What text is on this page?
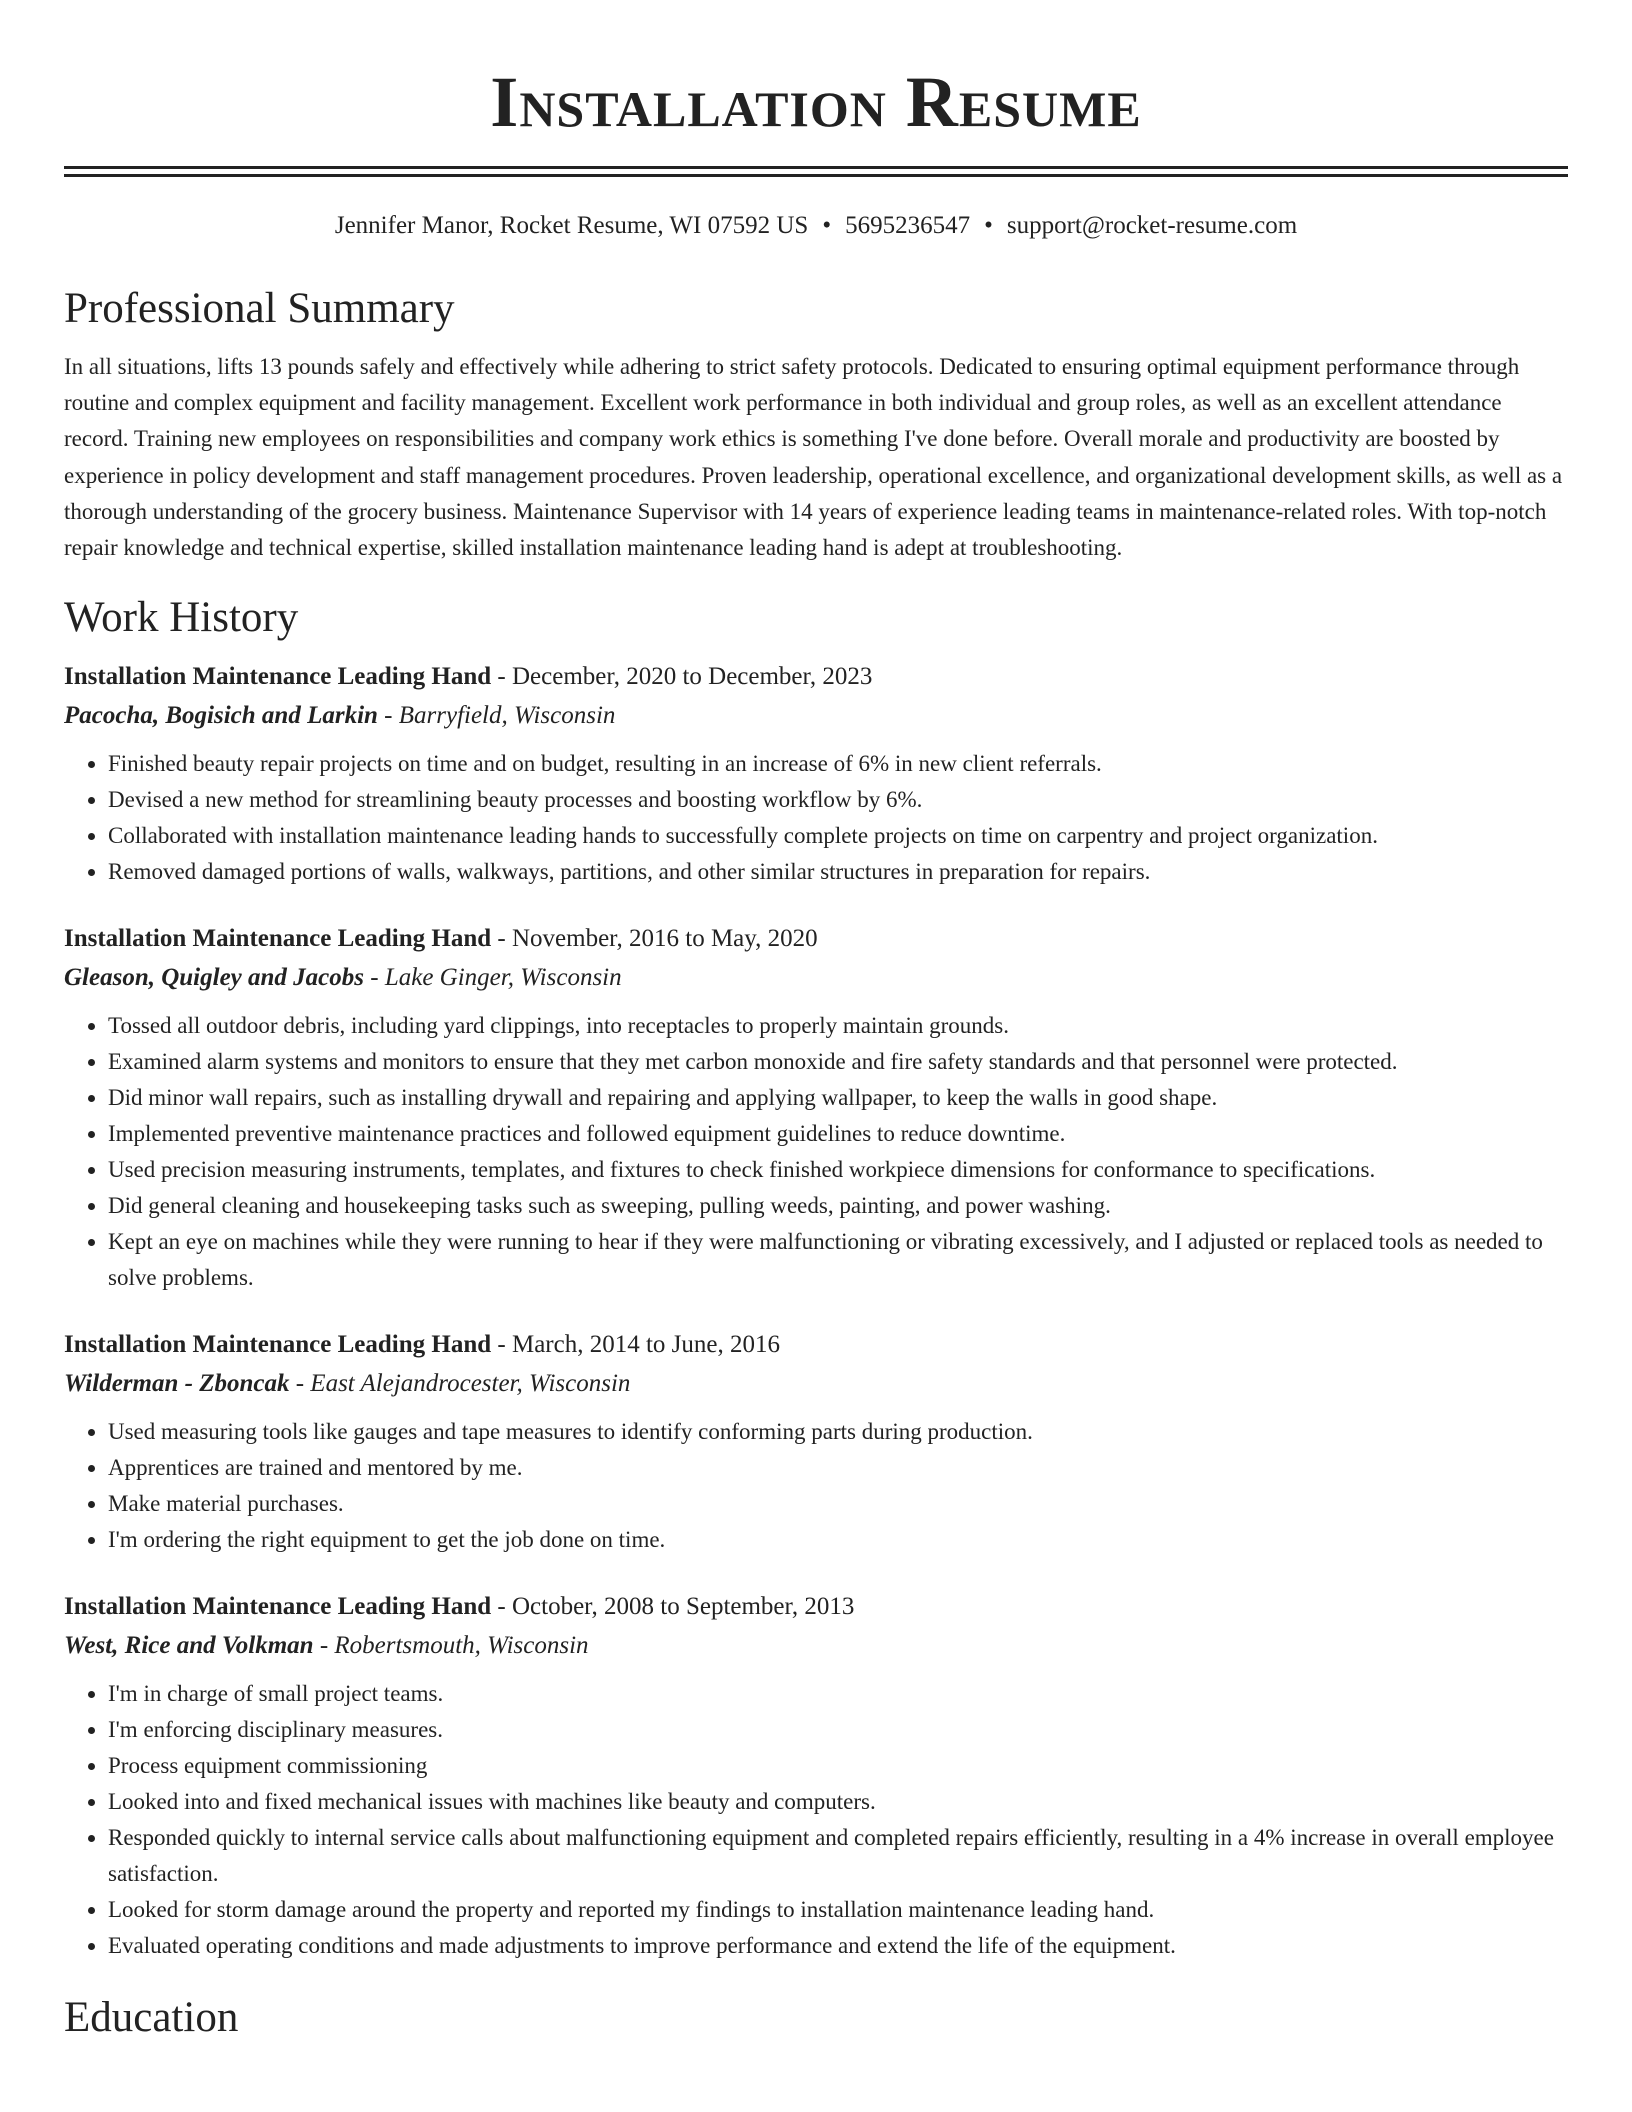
Installation Resume
Jennifer Manor, Rocket Resume, WI 07592 US • 5695236547 • support@rocket-resume.com
Professional Summary
In all situations, lifts 13 pounds safely and effectively while adhering to strict safety protocols. Dedicated to ensuring optimal equipment performance through routine and complex equipment and facility management. Excellent work performance in both individual and group roles, as well as an excellent attendance record. Training new employees on responsibilities and company work ethics is something I've done before. Overall morale and productivity are boosted by experience in policy development and staff management procedures. Proven leadership, operational excellence, and organizational development skills, as well as a thorough understanding of the grocery business. Maintenance Supervisor with 14 years of experience leading teams in maintenance-related roles. With top-notch repair knowledge and technical expertise, skilled installation maintenance leading hand is adept at troubleshooting.
Work History
Installation Maintenance Leading Hand - December, 2020 to December, 2023
Pacocha, Bogisich and Larkin - Barryfield, Wisconsin
• Finished beauty repair projects on time and on budget, resulting in an increase of 6% in new client referrals.
• Devised a new method for streamlining beauty processes and boosting workflow by 6%.
• Collaborated with installation maintenance leading hands to successfully complete projects on time on carpentry and project organization.
• Removed damaged portions of walls, walkways, partitions, and other similar structures in preparation for repairs.
Installation Maintenance Leading Hand - November, 2016 to May, 2020
Gleason, Quigley and Jacobs - Lake Ginger, Wisconsin
• Tossed all outdoor debris, including yard clippings, into receptacles to properly maintain grounds.
• Examined alarm systems and monitors to ensure that they met carbon monoxide and fire safety standards and that personnel were protected.
• Did minor wall repairs, such as installing drywall and repairing and applying wallpaper, to keep the walls in good shape.
• Implemented preventive maintenance practices and followed equipment guidelines to reduce downtime.
• Used precision measuring instruments, templates, and fixtures to check finished workpiece dimensions for conformance to specifications.
• Did general cleaning and housekeeping tasks such as sweeping, pulling weeds, painting, and power washing.
• Kept an eye on machines while they were running to hear if they were malfunctioning or vibrating excessively, and I adjusted or replaced tools as needed to solve problems.
Installation Maintenance Leading Hand - March, 2014 to June, 2016
Wilderman - Zboncak - East Alejandrocester, Wisconsin
• Used measuring tools like gauges and tape measures to identify conforming parts during production.
• Apprentices are trained and mentored by me.
• Make material purchases.
• I'm ordering the right equipment to get the job done on time.
Installation Maintenance Leading Hand - October, 2008 to September, 2013
West, Rice and Volkman - Robertsmouth, Wisconsin
• I'm in charge of small project teams.
• I'm enforcing disciplinary measures.
• Process equipment commissioning
• Looked into and fixed mechanical issues with machines like beauty and computers.
• Responded quickly to internal service calls about malfunctioning equipment and completed repairs efficiently, resulting in a 4% increase in overall employee satisfaction.
• Looked for storm damage around the property and reported my findings to installation maintenance leading hand.
• Evaluated operating conditions and made adjustments to improve performance and extend the life of the equipment.
Education
